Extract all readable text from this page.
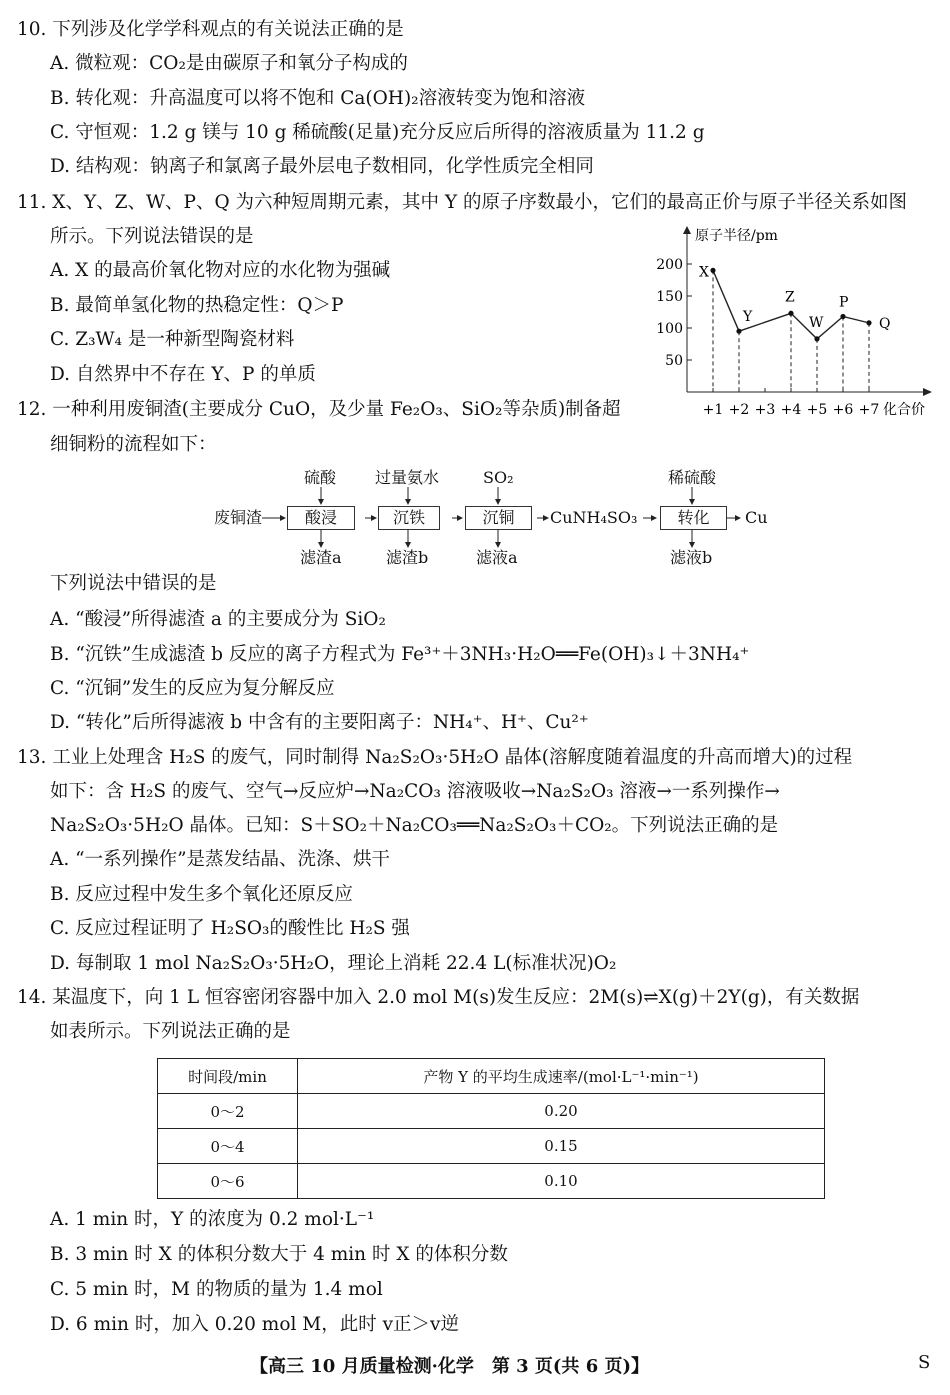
10. 下列涉及化学学科观点的有关说法正确的是
A. 微粒观：CO₂是由碳原子和氧分子构成的
B. 转化观：升高温度可以将不饱和 Ca(OH)₂溶液转变为饱和溶液
C. 守恒观：1.2 g 镁与 10 g 稀硫酸(足量)充分反应后所得的溶液质量为 11.2 g
D. 结构观：钠离子和氯离子最外层电子数相同，化学性质完全相同
11. X、Y、Z、W、P、Q 为六种短周期元素，其中 Y 的原子序数最小，它们的最高正价与原子半径关系如图
所示。下列说法错误的是
A. X 的最高价氧化物对应的水化物为强碱
B. 最简单氢化物的热稳定性：Q＞P
C. Z₃W₄ 是一种新型陶瓷材料
D. 自然界中不存在 Y、P 的单质
原子半径/pm
化合价
50
100
150
200
+1 +2 +3 +4 +5 +6 +7
X
Y
Z
W
P
Q
12. 一种利用废铜渣(主要成分 CuO，及少量 Fe₂O₃、SiO₂等杂质)制备超
细铜粉的流程如下：
废铜渣	酸浸	沉铁	沉铜	转化
CuNH₄SO₃	Cu
硫酸 过量氨水	SO₂	稀硫酸
滤渣a	滤渣b	滤液a	滤液b
下列说法中错误的是
A. “酸浸”所得滤渣 a 的主要成分为 SiO₂
B. “沉铁”生成滤渣 b 反应的离子方程式为 Fe³⁺＋3NH₃·H₂O══Fe(OH)₃↓＋3NH₄⁺
C. “沉铜”发生的反应为复分解反应
D. “转化”后所得滤液 b 中含有的主要阳离子：NH₄⁺、H⁺、Cu²⁺
13. 工业上处理含 H₂S 的废气，同时制得 Na₂S₂O₃·5H₂O 晶体(溶解度随着温度的升高而增大)的过程
如下：含 H₂S 的废气、空气→反应炉→Na₂CO₃ 溶液吸收→Na₂S₂O₃ 溶液→一系列操作→
Na₂S₂O₃·5H₂O 晶体。已知：S＋SO₂＋Na₂CO₃══Na₂S₂O₃＋CO₂。下列说法正确的是
A. “一系列操作”是蒸发结晶、洗涤、烘干
B. 反应过程中发生多个氧化还原反应
C. 反应过程证明了 H₂SO₃的酸性比 H₂S 强
D. 每制取 1 mol Na₂S₂O₃·5H₂O，理论上消耗 22.4 L(标准状况)O₂
14. 某温度下，向 1 L 恒容密闭容器中加入 2.0 mol M(s)发生反应：2M(s)⇌X(g)＋2Y(g)，有关数据
如表所示。下列说法正确的是
时间段/min	产物 Y 的平均生成速率/(mol·L⁻¹·min⁻¹)
0～2	0.20
0～4	0.15
0～6	0.10
A. 1 min 时，Y 的浓度为 0.2 mol·L⁻¹
B. 3 min 时 X 的体积分数大于 4 min 时 X 的体积分数
C. 5 min 时，M 的物质的量为 1.4 mol
D. 6 min 时，加入 0.20 mol M，此时 v正＞v逆
【高三 10 月质量检测·化学　第 3 页(共 6 页)】	S
